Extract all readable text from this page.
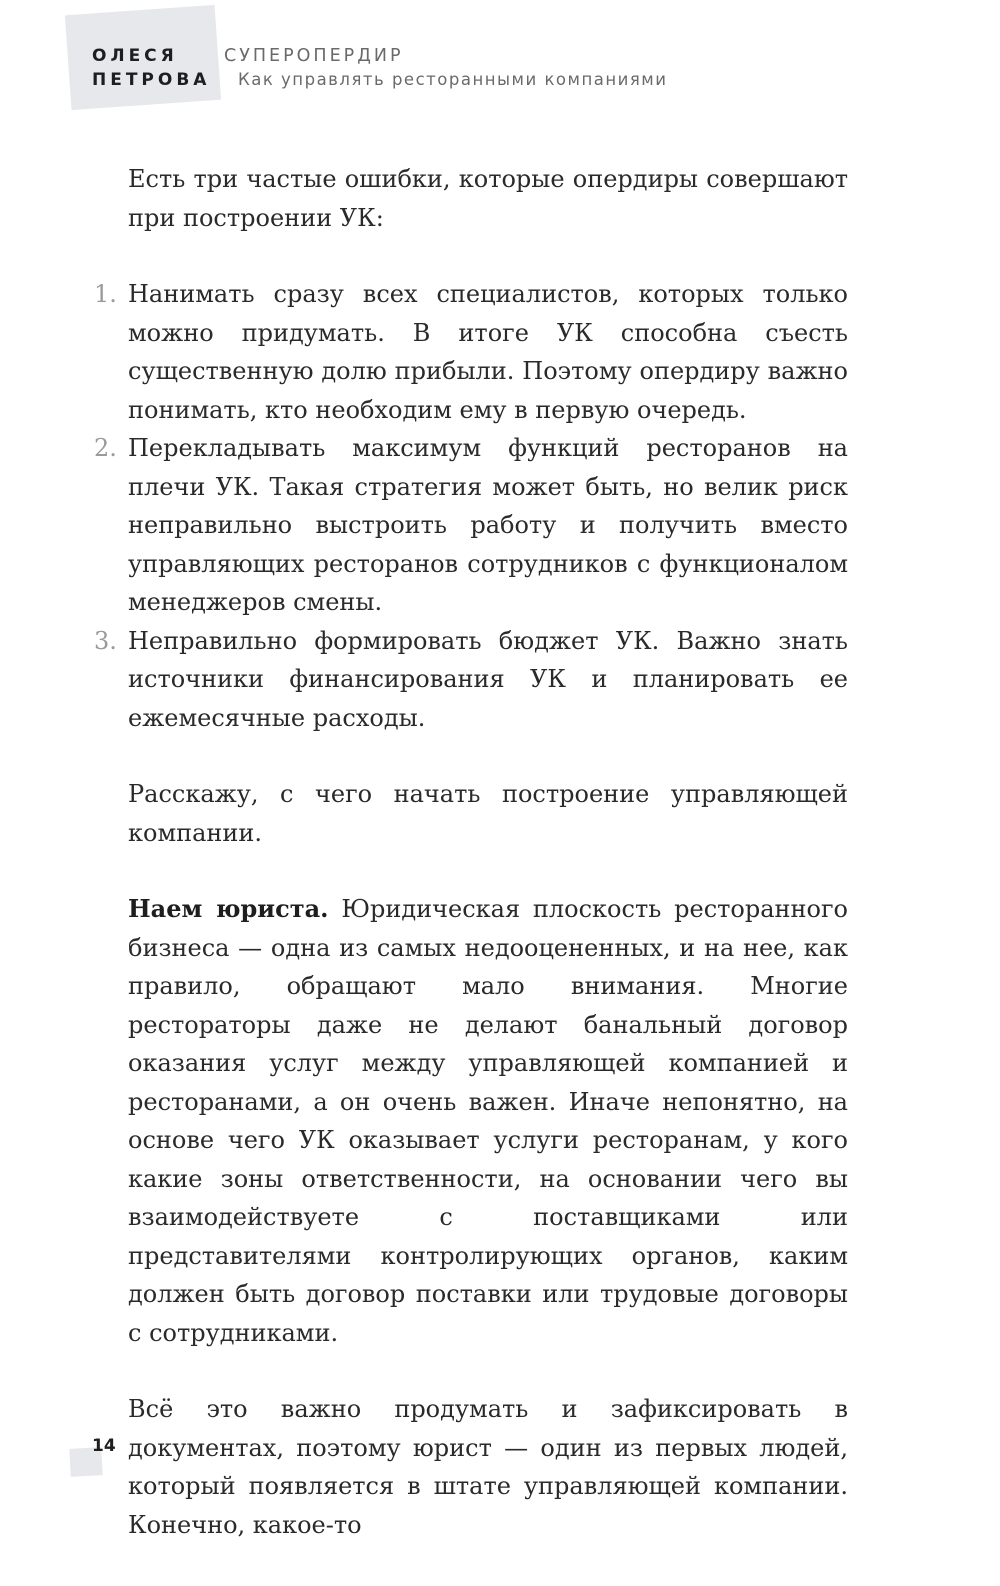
ОЛЕСЯ
ПЕТРОВА
СУПЕРОПЕРДИР
Как управлять ресторанными компаниями

Есть три частые ошибки, которые опердиры совершают при построении УК:

1. Нанимать сразу всех специалистов, которых только можно придумать. В итоге УК способна съесть существенную долю прибыли. Поэтому опердиру важно понимать, кто необходим ему в первую очередь.
2. Перекладывать максимум функций ресторанов на плечи УК. Такая стратегия может быть, но велик риск неправильно выстроить работу и получить вместо управляющих ресторанов сотрудников с функционалом менеджеров смены.
3. Неправильно формировать бюджет УК. Важно знать источники финансирования УК и планировать ее ежемесячные расходы.

Расскажу, с чего начать построение управляющей компании.

Наем юриста. Юридическая плоскость ресторанного бизнеса — одна из самых недооцененных, и на нее, как правило, обращают мало внимания. Многие рестораторы даже не делают банальный договор оказания услуг между управляющей компанией и ресторанами, а он очень важен. Иначе непонятно, на основе чего УК оказывает услуги ресторанам, у кого какие зоны ответственности, на основании чего вы взаимодействуете с поставщиками или представителями контролирующих органов, каким должен быть договор поставки или трудовые договоры с сотрудниками.

Всё это важно продумать и зафиксировать в документах, поэтому юрист — один из первых людей, который появляется в штате управляющей компании. Конечно, какое-то

14
